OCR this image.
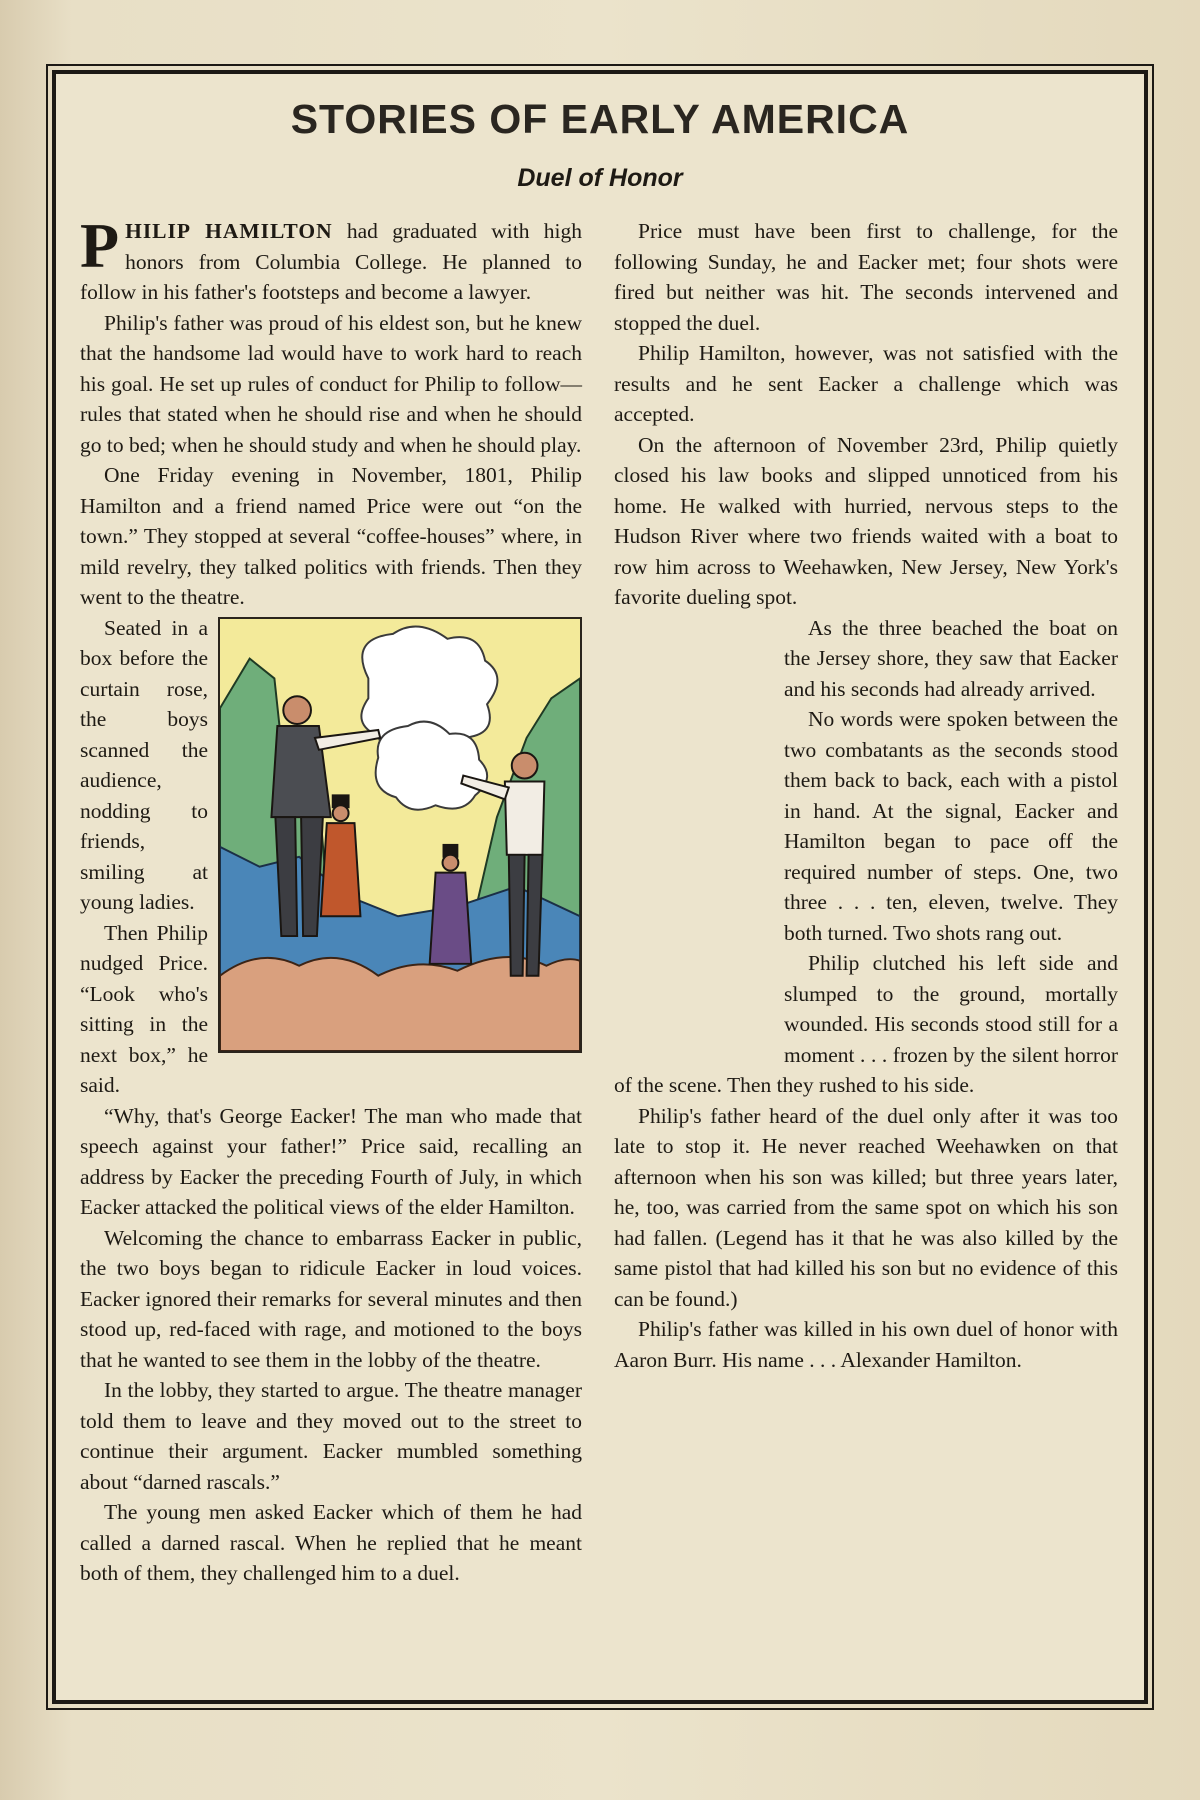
STORIES OF EARLY AMERICA
Duel of Honor

PHILIP HAMILTON had graduated with high honors from Columbia College. He planned to follow in his father's footsteps and become a lawyer.

Philip's father was proud of his eldest son, but he knew that the handsome lad would have to work hard to reach his goal. He set up rules of conduct for Philip to follow—rules that stated when he should rise and when he should go to bed; when he should study and when he should play.

One Friday evening in November, 1801, Philip Hamilton and a friend named Price were out “on the town.” They stopped at several “coffee-houses” where, in mild revelry, they talked politics with friends. Then they went to the theatre.

Seated in a box before the curtain rose, the boys scanned the audience, nodding to friends, smiling at young ladies.

Then Philip nudged Price. “Look who's sitting in the next box,” he said.

“Why, that's George Eacker! The man who made that speech against your father!” Price said, recalling an address by Eacker the preceding Fourth of July, in which Eacker attacked the political views of the elder Hamilton.

Welcoming the chance to embarrass Eacker in public, the two boys began to ridicule Eacker in loud voices. Eacker ignored their remarks for several minutes and then stood up, red-faced with rage, and motioned to the boys that he wanted to see them in the lobby of the theatre.

In the lobby, they started to argue. The theatre manager told them to leave and they moved out to the street to continue their argument. Eacker mumbled something about “darned rascals.”

The young men asked Eacker which of them he had called a darned rascal. When he replied that he meant both of them, they challenged him to a duel.

Price must have been first to challenge, for the following Sunday, he and Eacker met; four shots were fired but neither was hit. The seconds intervened and stopped the duel.

Philip Hamilton, however, was not satisfied with the results and he sent Eacker a challenge which was accepted.

On the afternoon of November 23rd, Philip quietly closed his law books and slipped unnoticed from his home. He walked with hurried, nervous steps to the Hudson River where two friends waited with a boat to row him across to Weehawken, New Jersey, New York's favorite dueling spot.

As the three beached the boat on the Jersey shore, they saw that Eacker and his seconds had already arrived.

No words were spoken between the two combatants as the seconds stood them back to back, each with a pistol in hand. At the signal, Eacker and Hamilton began to pace off the required number of steps. One, two three . . . ten, eleven, twelve. They both turned. Two shots rang out.

Philip clutched his left side and slumped to the ground, mortally wounded. His seconds stood still for a moment . . . frozen by the silent horror of the scene. Then they rushed to his side.

Philip's father heard of the duel only after it was too late to stop it. He never reached Weehawken on that afternoon when his son was killed; but three years later, he, too, was carried from the same spot on which his son had fallen. (Legend has it that he was also killed by the same pistol that had killed his son but no evidence of this can be found.)

Philip's father was killed in his own duel of honor with Aaron Burr. His name . . . Alexander Hamilton.
